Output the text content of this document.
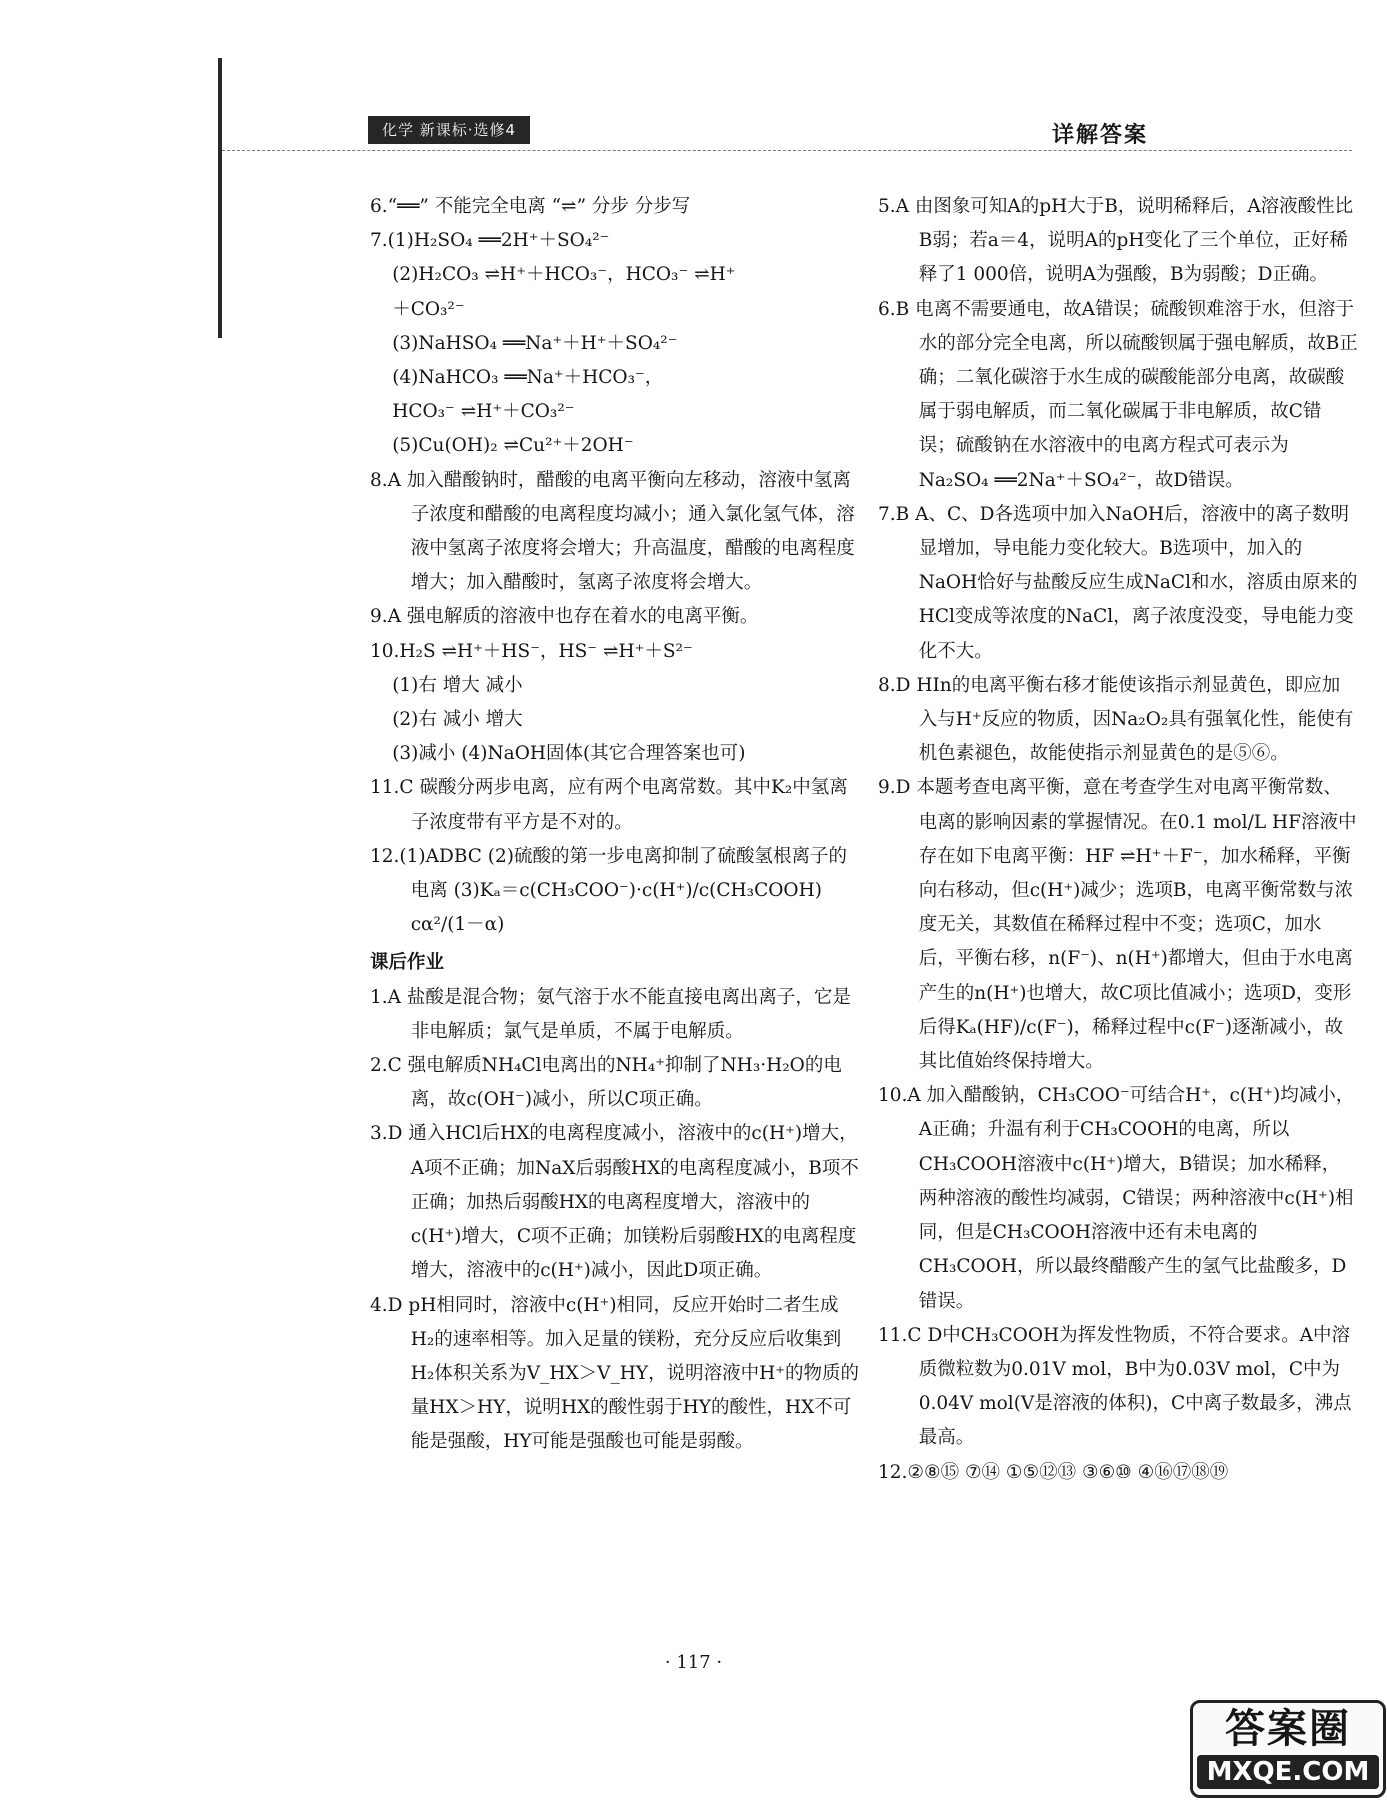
化学 新课标·选修4	详解答案
6.“══” 不能完全电离 “⇌” 分步 分步写
7.(1)H₂SO₄ ══2H⁺＋SO₄²⁻
(2)H₂CO₃ ⇌H⁺＋HCO₃⁻，HCO₃⁻ ⇌H⁺
＋CO₃²⁻
(3)NaHSO₄ ══Na⁺＋H⁺＋SO₄²⁻
(4)NaHCO₃ ══Na⁺＋HCO₃⁻，
HCO₃⁻ ⇌H⁺＋CO₃²⁻
(5)Cu(OH)₂ ⇌Cu²⁺＋2OH⁻
8.A 加入醋酸钠时，醋酸的电离平衡向左移动，溶液中氢离子浓度和醋酸的电离程度均减小；通入氯化氢气体，溶液中氢离子浓度将会增大；升高温度，醋酸的电离程度增大；加入醋酸时，氢离子浓度将会增大。
9.A 强电解质的溶液中也存在着水的电离平衡。
10.H₂S ⇌H⁺＋HS⁻，HS⁻ ⇌H⁺＋S²⁻
(1)右 增大 减小
(2)右 减小 增大
(3)减小 (4)NaOH固体(其它合理答案也可)
11.C 碳酸分两步电离，应有两个电离常数。其中K₂中氢离子浓度带有平方是不对的。
12.(1)ADBC (2)硫酸的第一步电离抑制了硫酸氢根离子的电离 (3)Kₐ＝c(CH₃COO⁻)·c(H⁺)/c(CH₃COOH) cα²/(1－α)
课后作业
1.A 盐酸是混合物；氨气溶于水不能直接电离出离子，它是非电解质；氯气是单质，不属于电解质。
2.C 强电解质NH₄Cl电离出的NH₄⁺抑制了NH₃·H₂O的电离，故c(OH⁻)减小，所以C项正确。
3.D 通入HCl后HX的电离程度减小，溶液中的c(H⁺)增大，A项不正确；加NaX后弱酸HX的电离程度减小，B项不正确；加热后弱酸HX的电离程度增大，溶液中的c(H⁺)增大，C项不正确；加镁粉后弱酸HX的电离程度增大，溶液中的c(H⁺)减小，因此D项正确。
4.D pH相同时，溶液中c(H⁺)相同，反应开始时二者生成H₂的速率相等。加入足量的镁粉，充分反应后收集到H₂体积关系为V_HX＞V_HY，说明溶液中H⁺的物质的量HX＞HY，说明HX的酸性弱于HY的酸性，HX不可能是强酸，HY可能是强酸也可能是弱酸。
5.A 由图象可知A的pH大于B，说明稀释后，A溶液酸性比B弱；若a＝4，说明A的pH变化了三个单位，正好稀释了1 000倍，说明A为强酸，B为弱酸；D正确。
6.B 电离不需要通电，故A错误；硫酸钡难溶于水，但溶于水的部分完全电离，所以硫酸钡属于强电解质，故B正确；二氧化碳溶于水生成的碳酸能部分电离，故碳酸属于弱电解质，而二氧化碳属于非电解质，故C错误；硫酸钠在水溶液中的电离方程式可表示为Na₂SO₄ ══2Na⁺＋SO₄²⁻，故D错误。
7.B A、C、D各选项中加入NaOH后，溶液中的离子数明显增加，导电能力变化较大。B选项中，加入的NaOH恰好与盐酸反应生成NaCl和水，溶质由原来的HCl变成等浓度的NaCl，离子浓度没变，导电能力变化不大。
8.D HIn的电离平衡右移才能使该指示剂显黄色，即应加入与H⁺反应的物质，因Na₂O₂具有强氧化性，能使有机色素褪色，故能使指示剂显黄色的是⑤⑥。
9.D 本题考查电离平衡，意在考查学生对电离平衡常数、电离的影响因素的掌握情况。在0.1 mol/L HF溶液中存在如下电离平衡：HF ⇌H⁺＋F⁻，加水稀释，平衡向右移动，但c(H⁺)减少；选项B，电离平衡常数与浓度无关，其数值在稀释过程中不变；选项C，加水后，平衡右移，n(F⁻)、n(H⁺)都增大，但由于水电离产生的n(H⁺)也增大，故C项比值减小；选项D，变形后得Kₐ(HF)/c(F⁻)，稀释过程中c(F⁻)逐渐减小，故其比值始终保持增大。
10.A 加入醋酸钠，CH₃COO⁻可结合H⁺，c(H⁺)均减小，A正确；升温有利于CH₃COOH的电离，所以CH₃COOH溶液中c(H⁺)增大，B错误；加水稀释，两种溶液的酸性均减弱，C错误；两种溶液中c(H⁺)相同，但是CH₃COOH溶液中还有未电离的CH₃COOH，所以最终醋酸产生的氢气比盐酸多，D错误。
11.C D中CH₃COOH为挥发性物质，不符合要求。A中溶质微粒数为0.01V mol，B中为0.03V mol，C中为0.04V mol(V是溶液的体积)，C中离子数最多，沸点最高。
12.②⑧⑮ ⑦⑭ ①⑤⑫⑬ ③⑥⑩ ④⑯⑰⑱⑲
· 117 ·
答案圈
MXQE.COM
